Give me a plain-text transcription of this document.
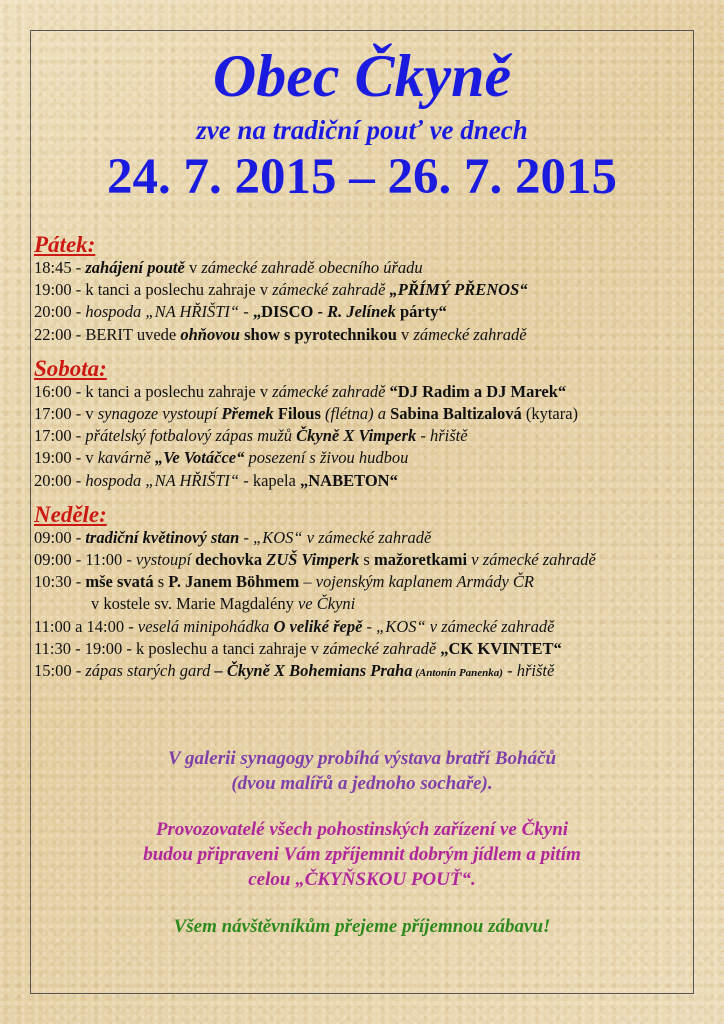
Obec Čkyně
zve na tradiční pouť ve dnech
24. 7. 2015 – 26. 7. 2015
Pátek:
18:45 - zahájení poutě v zámecké zahradě obecního úřadu
19:00 - k tanci a poslechu zahraje v zámecké zahradě „PŘÍMÝ PŘENOS“
20:00 - hospoda „NA HŘIŠTI“ - „DISCO - R. Jelínek párty“
22:00 - BERIT uvede ohňovou show s pyrotechnikou v zámecké zahradě
Sobota:
16:00 - k tanci a poslechu zahraje v zámecké zahradě “DJ Radim a DJ Marek“
17:00 - v synagoze vystoupí Přemek Filous (flétna) a Sabina Baltizalová (kytara)
17:00 - přátelský fotbalový zápas mužů Čkyně X Vimperk - hřiště
19:00 - v kavárně „Ve Votáčce“ posezení s živou hudbou
20:00 - hospoda „NA HŘIŠTI“ - kapela „NABETON“
Neděle:
09:00 - tradiční květinový stan - „KOS“ v zámecké zahradě
09:00 - 11:00 - vystoupí dechovka ZUŠ Vimperk s mažoretkami v zámecké zahradě
10:30 - mše svatá s P. Janem Böhmem – vojenským kaplanem Armády ČR
v kostele sv. Marie Magdalény ve Čkyni
11:00 a 14:00 - veselá minipohádka O veliké řepě - „KOS“ v zámecké zahradě
11:30 - 19:00 - k poslechu a tanci zahraje v zámecké zahradě „CK KVINTET“
15:00 - zápas starých gard – Čkyně X Bohemians Praha (Antonín Panenka) - hřiště
V galerii synagogy probíhá výstava bratří Boháčů
(dvou malířů a jednoho sochaře).
Provozovatelé všech pohostinských zařízení ve Čkyni
budou připraveni Vám zpříjemnit dobrým jídlem a pitím
celou „ČKYŇSKOU POUŤ“.
Všem návštěvníkům přejeme příjemnou zábavu!
